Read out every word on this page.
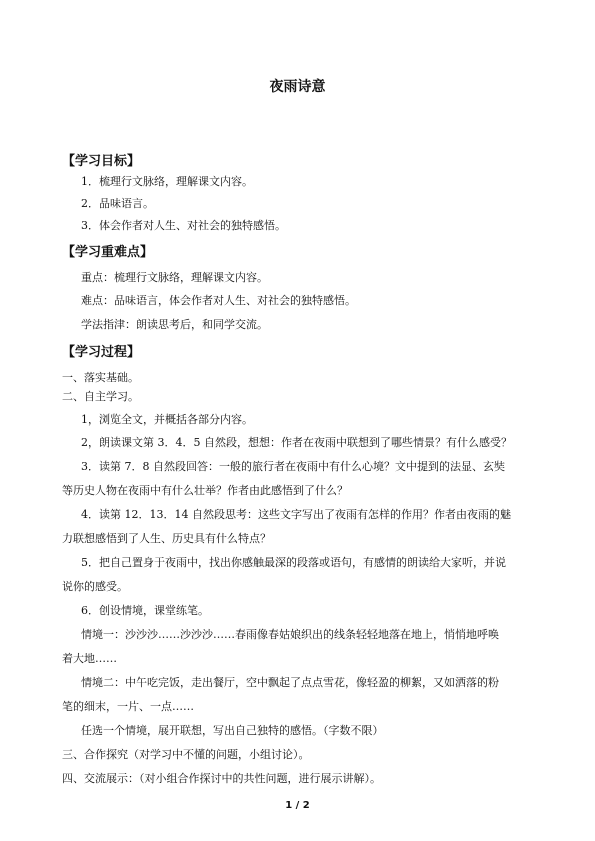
夜雨诗意
【学习目标】
1．梳理行文脉络，理解课文内容。
2．品味语言。
3．体会作者对人生、对社会的独特感悟。
【学习重难点】
重点：梳理行文脉络，理解课文内容。
难点：品味语言，体会作者对人生、对社会的独特感悟。
学法指津：朗读思考后，和同学交流。
【学习过程】
一、落实基础。
二、自主学习。
1，浏览全文，并概括各部分内容。
2，朗读课文第 3．4．5 自然段，想想：作者在夜雨中联想到了哪些情景？有什么感受？
3．读第 7．8 自然段回答：一般的旅行者在夜雨中有什么心境？文中提到的法显、玄奘
等历史人物在夜雨中有什么壮举？作者由此感悟到了什么？
4．读第 12．13．14 自然段思考：这些文字写出了夜雨有怎样的作用？作者由夜雨的魅
力联想感悟到了人生、历史具有什么特点？
5．把自己置身于夜雨中，找出你感触最深的段落或语句，有感情的朗读给大家听，并说
说你的感受。
6．创设情境，课堂练笔。
情境一：沙沙沙……沙沙沙……春雨像春姑娘织出的线条轻轻地落在地上，悄悄地呼唤
着大地……
情境二：中午吃完饭，走出餐厅，空中飘起了点点雪花，像轻盈的柳絮，又如洒落的粉
笔的细末，一片、一点……
任选一个情境，展开联想，写出自己独特的感悟。（字数不限）
三、合作探究（对学习中不懂的问题，小组讨论）。
四、交流展示：（对小组合作探讨中的共性问题，进行展示讲解）。
1 / 2
